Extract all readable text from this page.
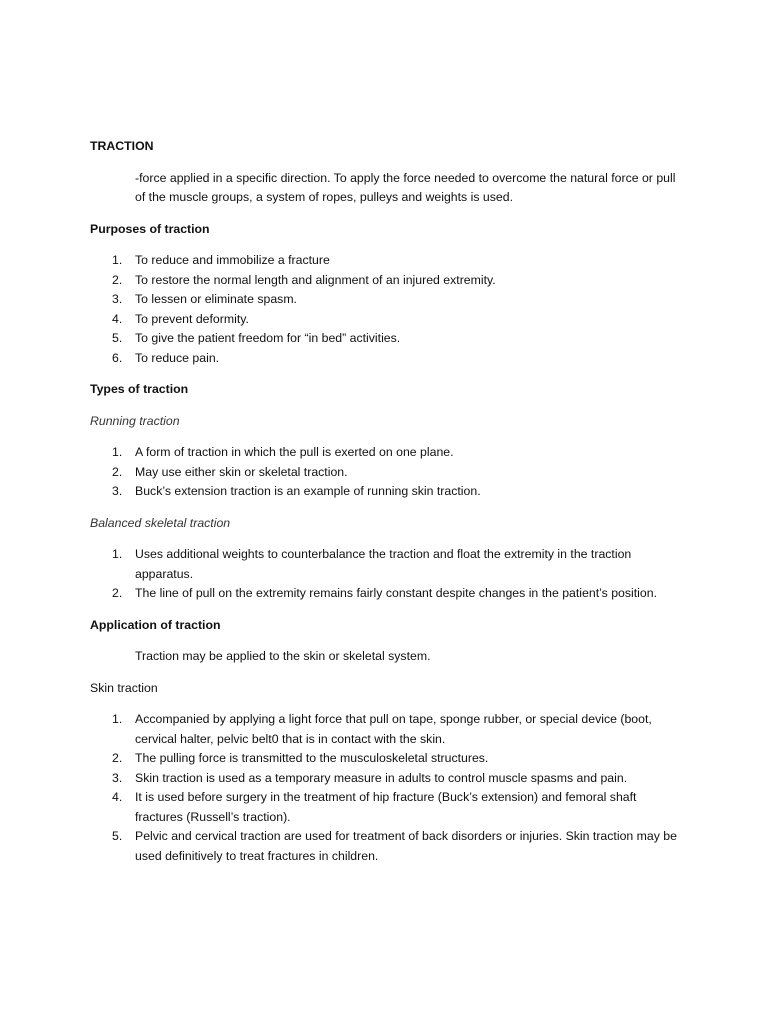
TRACTION
-force applied in a specific direction. To apply the force needed to overcome the natural force or pull of the muscle groups, a system of ropes, pulleys and weights is used.
Purposes of traction
1. To reduce and immobilize a fracture
2. To restore the normal length and alignment of an injured extremity.
3. To lessen or eliminate spasm.
4. To prevent deformity.
5. To give the patient freedom for “in bed” activities.
6. To reduce pain.
Types of traction
Running traction
1. A form of traction in which the pull is exerted on one plane.
2. May use either skin or skeletal traction.
3. Buck’s extension traction is an example of running skin traction.
Balanced skeletal traction
1. Uses additional weights to counterbalance the traction and float the extremity in the traction apparatus.
2. The line of pull on the extremity remains fairly constant despite changes in the patient’s position.
Application of traction
Traction may be applied to the skin or skeletal system.
Skin traction
1. Accompanied by applying a light force that pull on tape, sponge rubber, or special device (boot, cervical halter, pelvic belt0 that is in contact with the skin.
2. The pulling force is transmitted to the musculoskeletal structures.
3. Skin traction is used as a temporary measure in adults to control muscle spasms and pain.
4. It is used before surgery in the treatment of hip fracture (Buck’s extension) and femoral shaft fractures (Russell’s traction).
5. Pelvic and cervical traction are used for treatment of back disorders or injuries. Skin traction may be used definitively to treat fractures in children.
